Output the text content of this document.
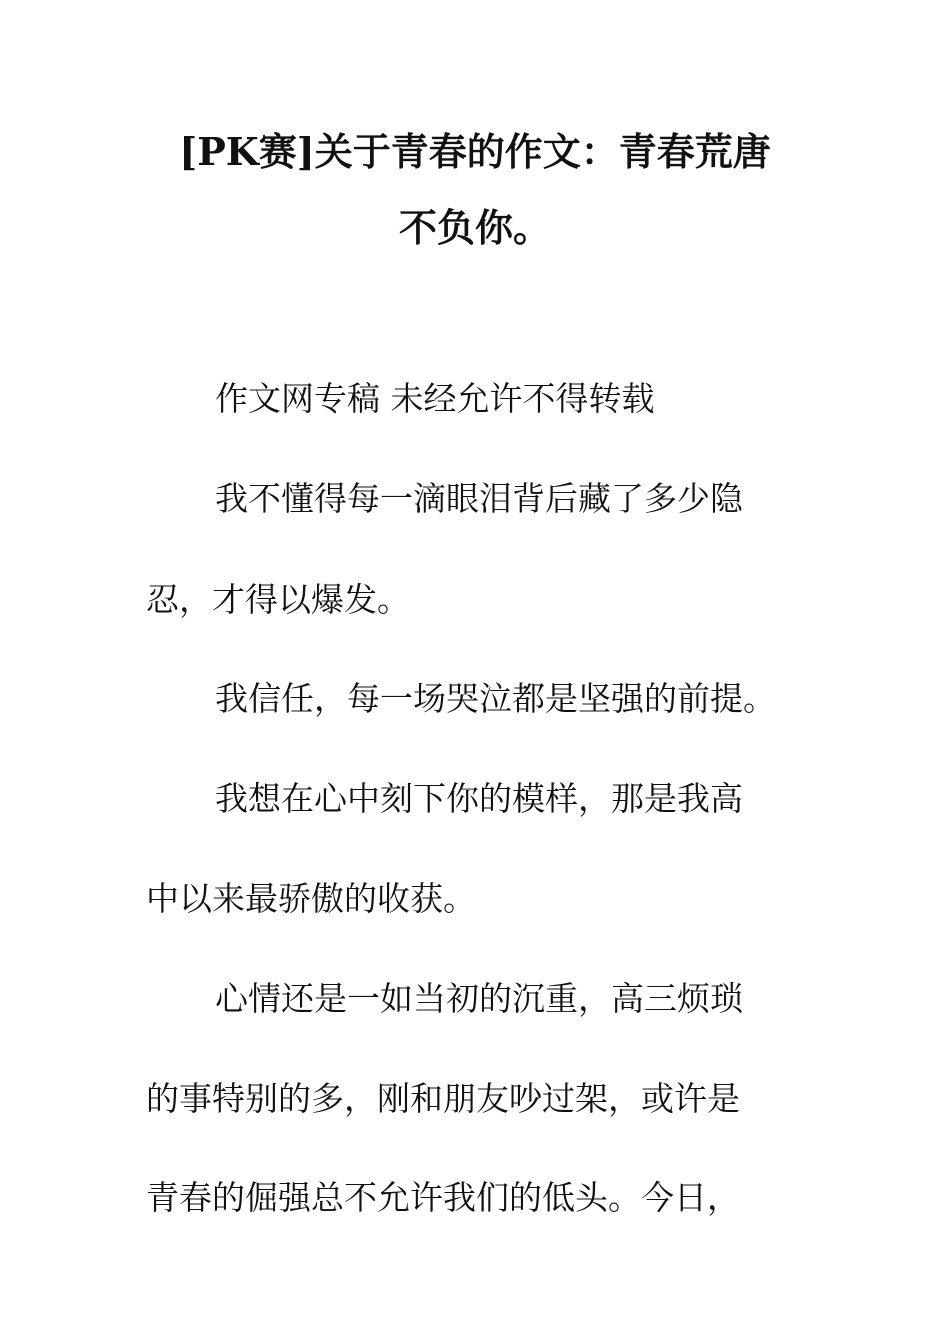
[PK赛]关于青春的作文：青春荒唐
不负你。
作文网专稿 未经允许不得转载
我不懂得每一滴眼泪背后藏了多少隐
忍，才得以爆发。
我信任，每一场哭泣都是坚强的前提。
我想在心中刻下你的模样，那是我高
中以来最骄傲的收获。
心情还是一如当初的沉重，高三烦琐
的事特别的多，刚和朋友吵过架，或许是
青春的倔强总不允许我们的低头。今日，
